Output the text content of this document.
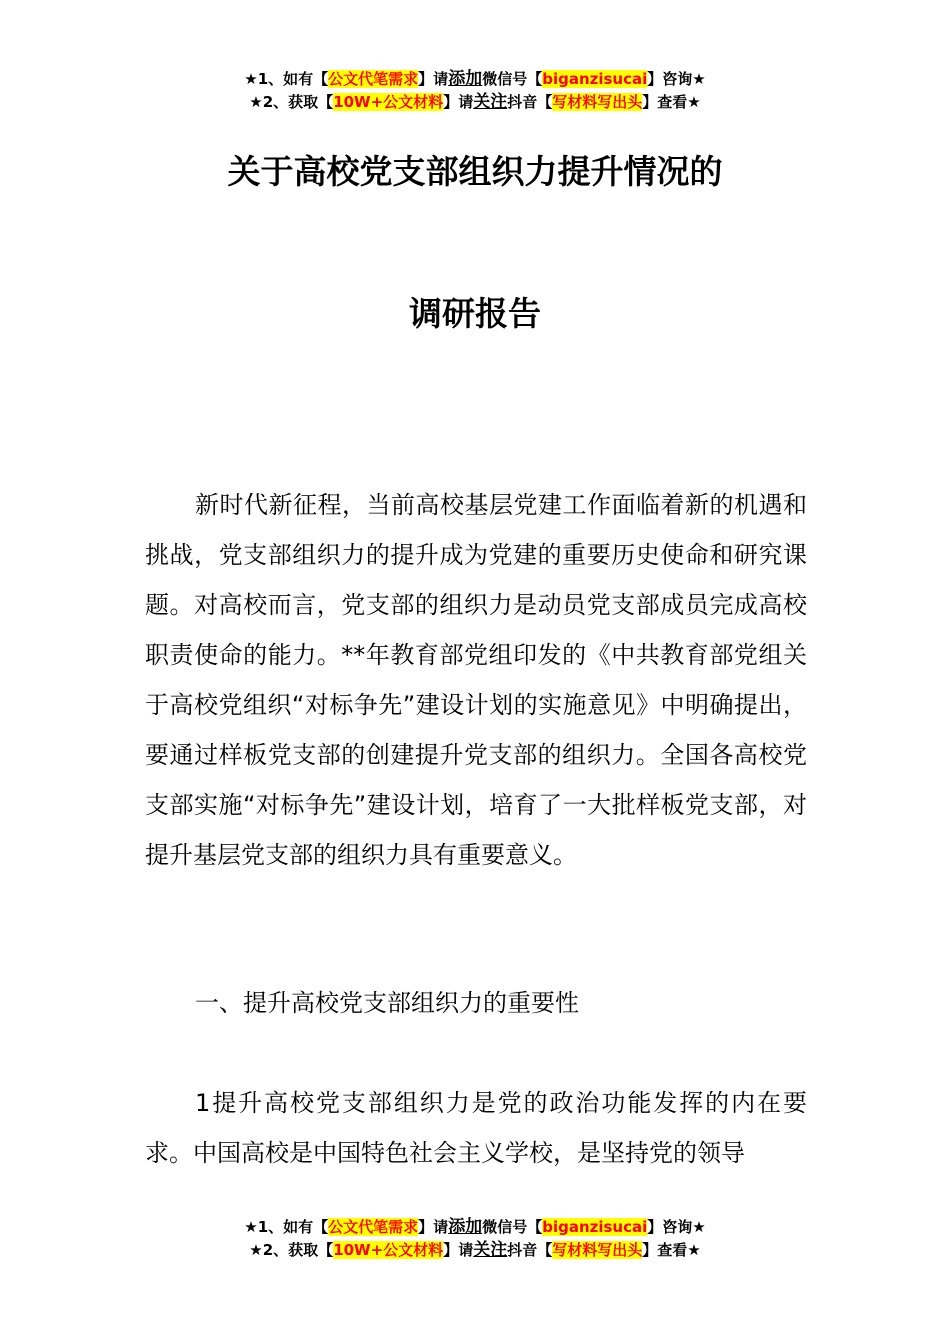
★1、如有【公文代笔需求】请添加微信号【biganzisucai】咨询★
★2、获取【10W+公文材料】请关注抖音【写材料写出头】查看★
关于高校党支部组织力提升情况的
调研报告
新时代新征程，当前高校基层党建工作面临着新的机遇和挑战，党支部组织力的提升成为党建的重要历史使命和研究课题。对高校而言，党支部的组织力是动员党支部成员完成高校职责使命的能力。**年教育部党组印发的《中共教育部党组关于高校党组织“对标争先”建设计划的实施意见》中明确提出，要通过样板党支部的创建提升党支部的组织力。全国各高校党支部实施“对标争先”建设计划，培育了一大批样板党支部，对提升基层党支部的组织力具有重要意义。
一、提升高校党支部组织力的重要性
1提升高校党支部组织力是党的政治功能发挥的内在要求。中国高校是中国特色社会主义学校，是坚持党的领导
★1、如有【公文代笔需求】请添加微信号【biganzisucai】咨询★
★2、获取【10W+公文材料】请关注抖音【写材料写出头】查看★
